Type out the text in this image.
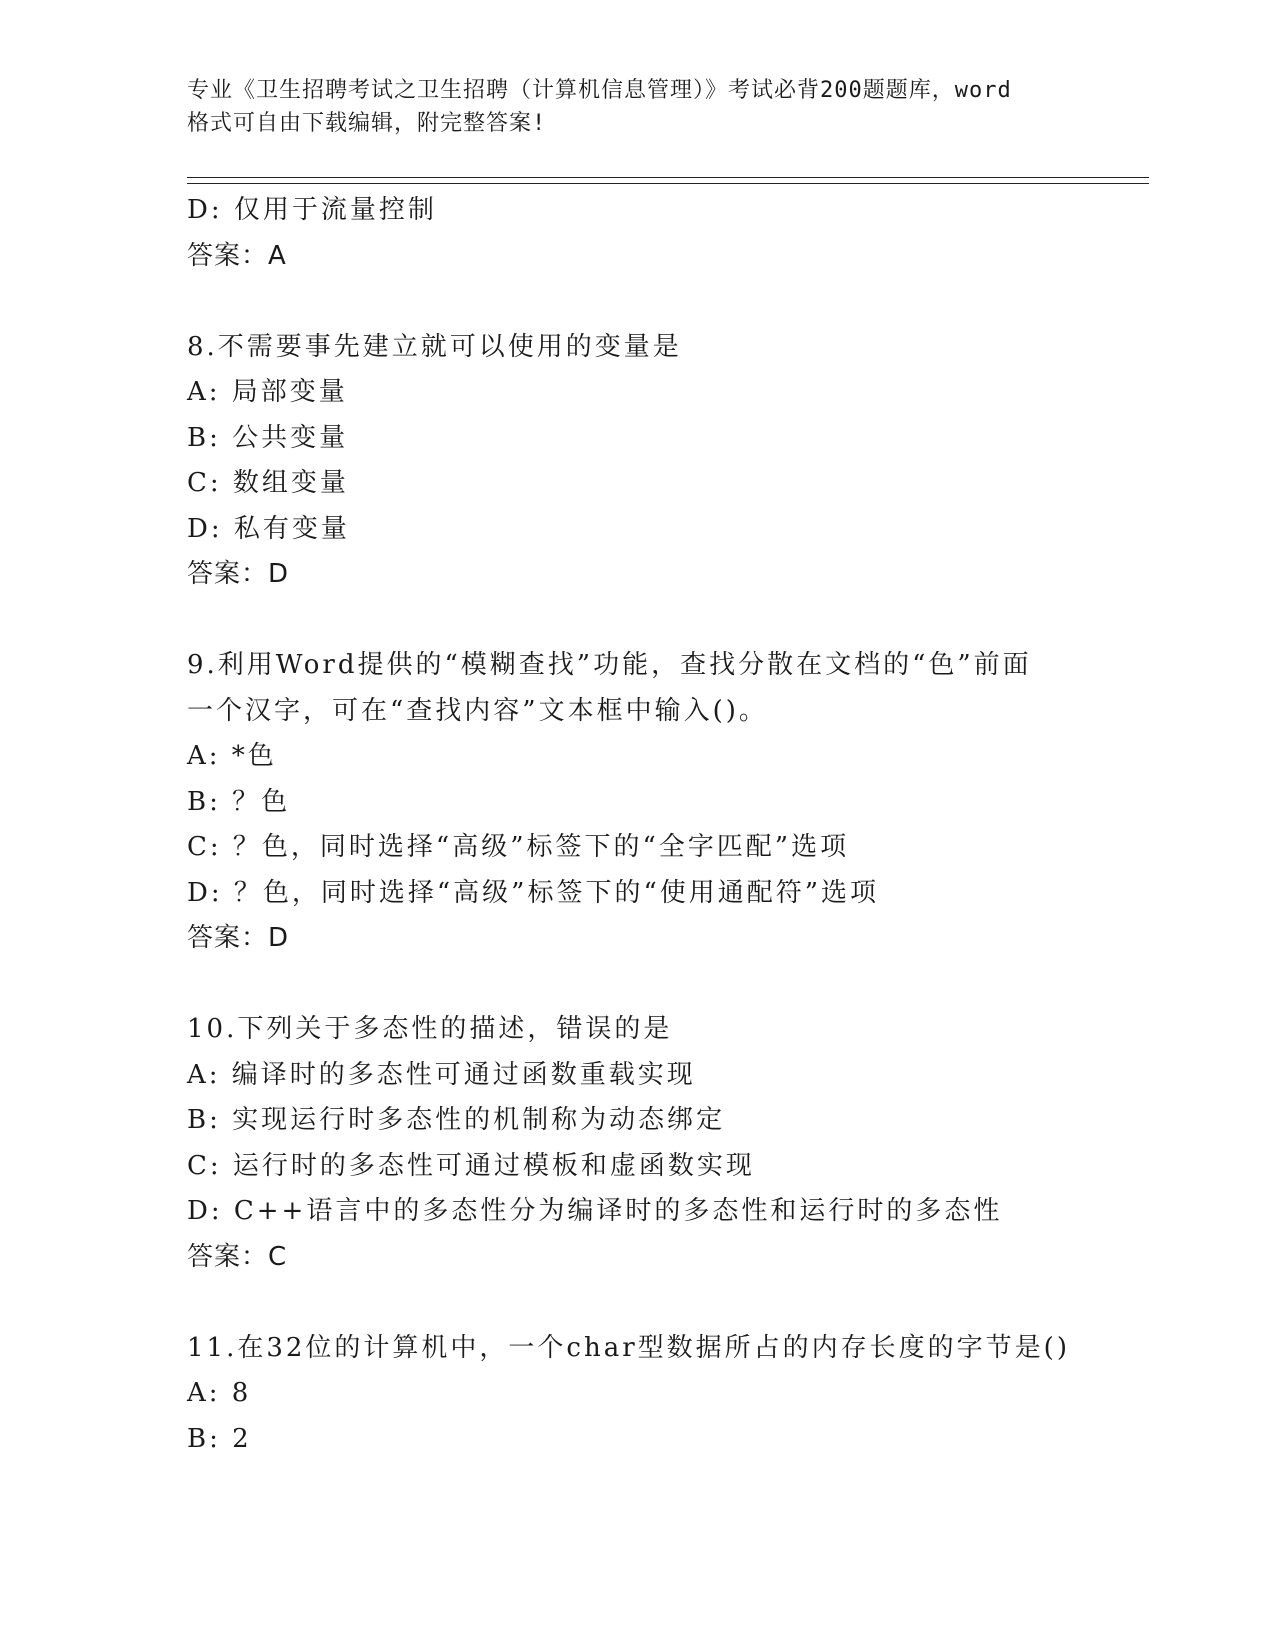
专业《卫生招聘考试之卫生招聘（计算机信息管理）》考试必背200题题库，word
格式可自由下载编辑，附完整答案!
D: 仅用于流量控制
答案：A
8.不需要事先建立就可以使用的变量是
A: 局部变量
B: 公共变量
C: 数组变量
D: 私有变量
答案：D
9.利用Word提供的“模糊查找”功能，查找分散在文档的“色”前面
一个汉字，可在“查找内容”文本框中输入()。
A: *色
B: ？色
C: ？色，同时选择“高级”标签下的“全字匹配”选项
D: ？色，同时选择“高级”标签下的“使用通配符”选项
答案：D
10.下列关于多态性的描述，错误的是
A: 编译时的多态性可通过函数重载实现
B: 实现运行时多态性的机制称为动态绑定
C: 运行时的多态性可通过模板和虚函数实现
D: C++语言中的多态性分为编译时的多态性和运行时的多态性
答案：C
11.在32位的计算机中，一个char型数据所占的内存长度的字节是()
A: 8
B: 2
